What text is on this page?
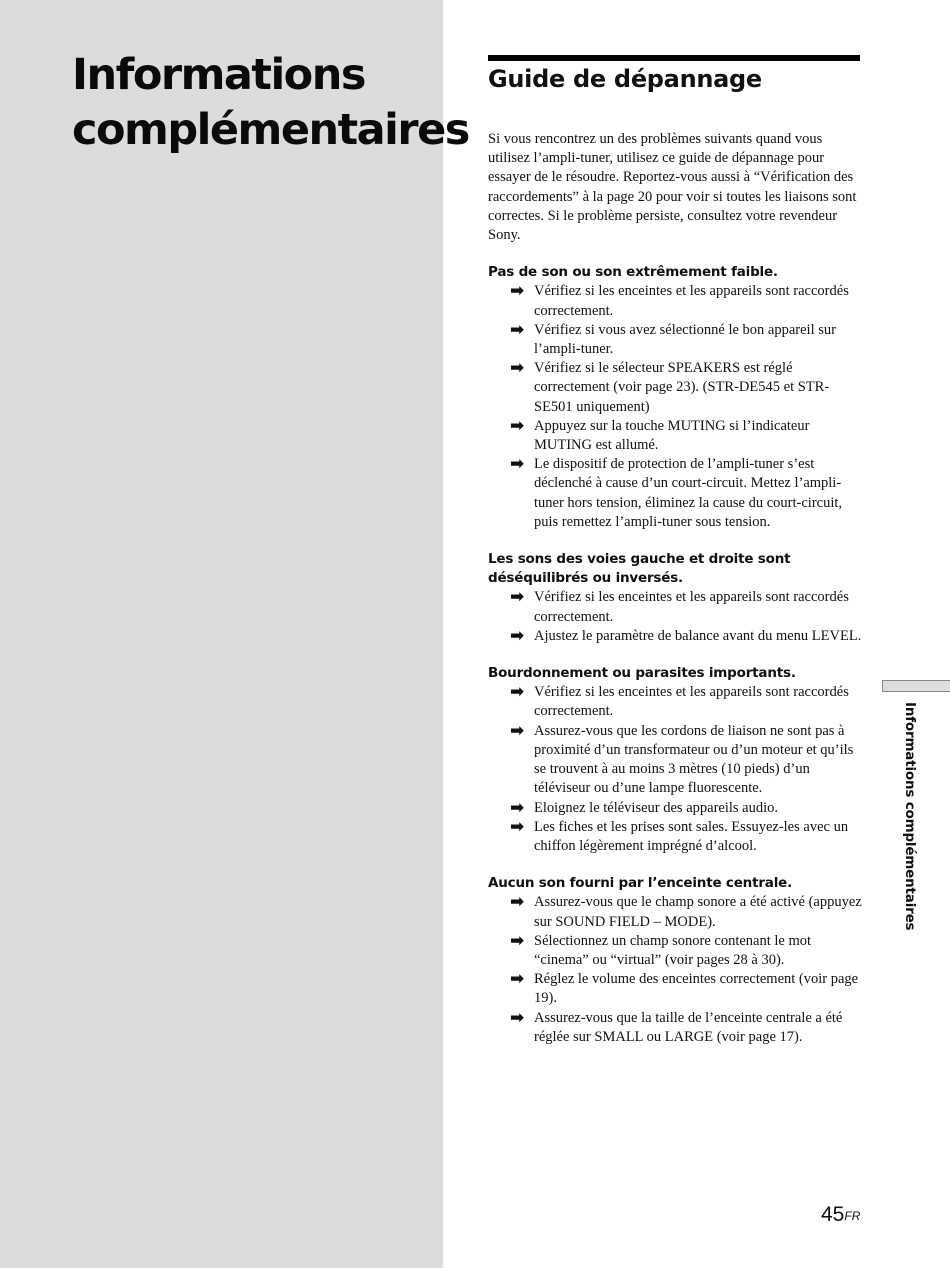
Informations complémentaires
Guide de dépannage

Si vous rencontrez un des problèmes suivants quand vous utilisez l’ampli-tuner, utilisez ce guide de dépannage pour essayer de le résoudre. Reportez-vous aussi à “Vérification des raccordements” à la page 20 pour voir si toutes les liaisons sont correctes. Si le problème persiste, consultez votre revendeur Sony.

Pas de son ou son extrêmement faible.

➡ Vérifiez si les enceintes et les appareils sont raccordés correctement.
➡ Vérifiez si vous avez sélectionné le bon appareil sur l’ampli-tuner.
➡ Vérifiez si le sélecteur SPEAKERS est réglé correctement (voir page 23). (STR-DE545 et STR-SE501 uniquement)
➡ Appuyez sur la touche MUTING si l’indicateur MUTING est allumé.
➡ Le dispositif de protection de l’ampli-tuner s’est déclenché à cause d’un court-circuit. Mettez l’ampli-tuner hors tension, éliminez la cause du court-circuit, puis remettez l’ampli-tuner sous tension.

Les sons des voies gauche et droite sont déséquilibrés ou inversés.

➡ Vérifiez si les enceintes et les appareils sont raccordés correctement.
➡ Ajustez le paramètre de balance avant du menu LEVEL.

Bourdonnement ou parasites importants.

➡ Vérifiez si les enceintes et les appareils sont raccordés correctement.
➡ Assurez-vous que les cordons de liaison ne sont pas à proximité d’un transformateur ou d’un moteur et qu’ils se trouvent à au moins 3 mètres (10 pieds) d’un téléviseur ou d’une lampe fluorescente.
➡ Eloignez le téléviseur des appareils audio.
➡ Les fiches et les prises sont sales. Essuyez-les avec un chiffon légèrement imprégné d’alcool.

Aucun son fourni par l’enceinte centrale.

➡ Assurez-vous que le champ sonore a été activé (appuyez sur SOUND FIELD – MODE).
➡ Sélectionnez un champ sonore contenant le mot “cinema” ou “virtual” (voir pages 28 à 30).
➡ Réglez le volume des enceintes correctement (voir page 19).
➡ Assurez-vous que la taille de l’enceinte centrale a été réglée sur SMALL ou LARGE (voir page 17).
Informations complémentaires
$45^{FR}$
